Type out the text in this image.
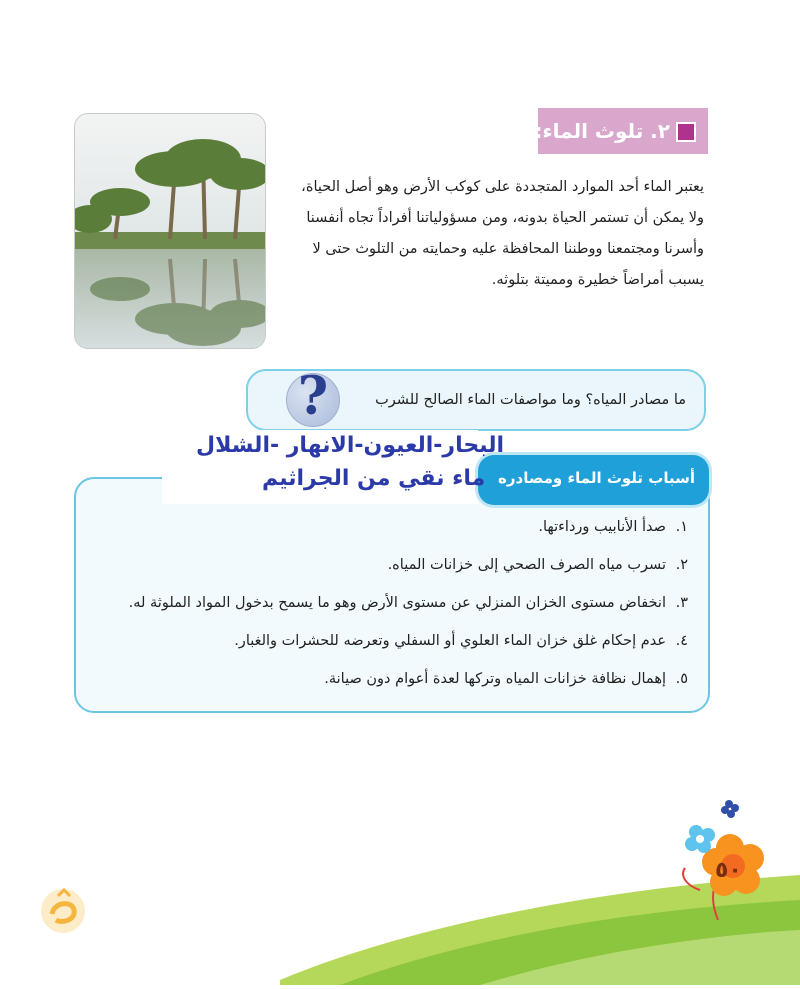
٢. تلوث الماء:

يعتبر الماء أحد الموارد المتجددة على كوكب الأرض وهو أصل الحياة،

ولا يمكن أن تستمر الحياة بدونه، ومن مسؤولياتنا أفراداً تجاه أنفسنا

وأسرنا ومجتمعنا ووطننا المحافظة عليه وحمايته من التلوث حتى لا

يسبب أمراضاً خطيرة ومميتة بتلوثه.

ما مصادر المياه؟ وما مواصفات الماء الصالح للشرب
?
أسباب تلوث الماء ومصادره
البحار-العيون-الانهار -الشلال
ماء نقي من الجراثيم
١.صدأ الأنابيب ورداءتها.
٢.تسرب مياه الصرف الصحي إلى خزانات المياه.
٣.انخفاض مستوى الخزان المنزلي عن مستوى الأرض وهو ما يسمح بدخول المواد الملوثة له.
٤.عدم إحكام غلق خزان الماء العلوي أو السفلي وتعرضه للحشرات والغبار.
٥.إهمال نظافة خزانات المياه وتركها لعدة أعوام دون صيانة.
٥٠
